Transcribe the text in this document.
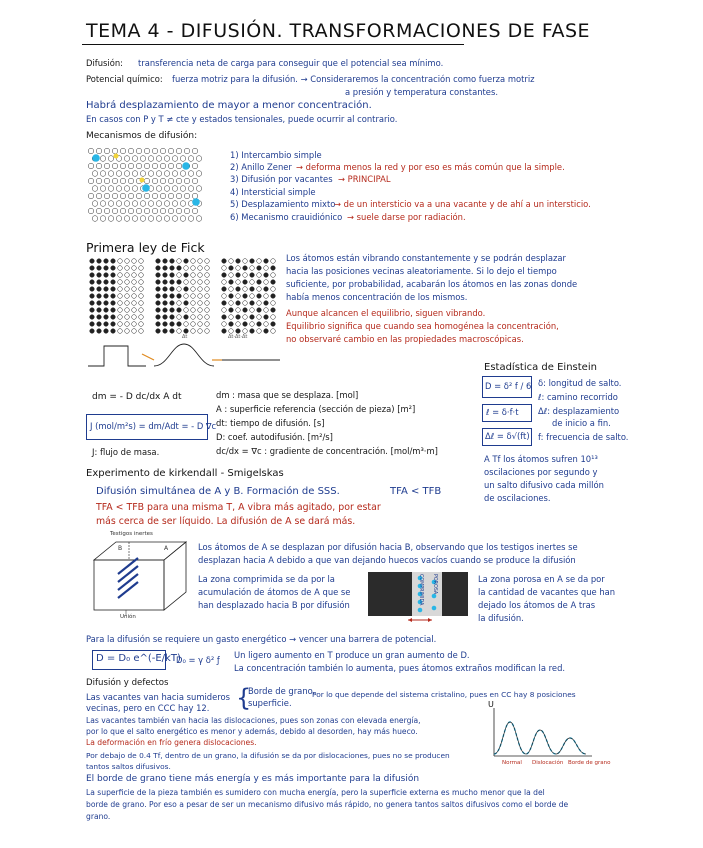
TEMA 4 - DIFUSIÓN. TRANSFORMACIONES DE FASE
Difusión: transferencia neta de carga para conseguir que el potencial sea mínimo.
Potencial químico: fuerza motriz para la difusión. → Consideraremos la concentración como fuerza motriz
a presión y temperatura constantes.
Habrá desplazamiento de mayor a menor concentración.
En casos con P y T ≠ cte y estados tensionales, puede ocurrir al contrario.
Mecanismos de difusión:
1) Intercambio simple
2) Anillo Zener → deforma menos la red y por eso es más común que la simple.
3) Difusión por vacantes → PRINCIPAL
4) Intersticial simple
5) Desplazamiento mixto
→ de un intersticio va a una vacante y de ahí a un intersticio.
6) Mecanismo crauidiónico → suele darse por radiación.
Primera ley de Fick
Δt	Δt·Δt·Δt
Los átomos están vibrando constantemente y se podrán desplazar
hacia las posiciones vecinas aleatoriamente. Si lo dejo el tiempo
suficiente, por probabilidad, acabarán los átomos en las zonas donde
había menos concentración de los mismos.
Aunque alcancen el equilibrio, siguen vibrando.
Equilibrio significa que cuando sea homogénea la concentración,
no observaré cambio en las propiedades macroscópicas.
dm = - D dc/dx A dt
J (mol/m²s) = dm/Adt = - D ∇c
J: flujo de masa.
dm : masa que se desplaza. [mol]
A : superficie referencia (sección de pieza) [m²]
dt: tiempo de difusión. [s]
D: coef. autodifusión. [m²/s]
dc/dx = ∇c : gradiente de concentración. [mol/m³·m]
Estadística de Einstein
D = δ² f / 6
ℓ = δ·f·t
Δℓ = δ√(ft)
δ: longitud de salto.
ℓ: camino recorrido
Δℓ: desplazamiento
de inicio a fin.
f: frecuencia de salto.
A Tf los átomos sufren 10¹³
oscilaciones por segundo y
un salto difusivo cada millón
de oscilaciones.
Experimento de kirkendall - Smigelskas
Difusión simultánea de A y B. Formación de SSS.	TFA < TFB
TFA < TFB para una misma T, A vibra más agitado, por estar
más cerca de ser líquido. La difusión de A se dará más.
Testigos inertes
B	A
Unión
Los átomos de A se desplazan por difusión hacia B, observando que los testigos inertes se
desplazan hacia A debido a que van dejando huecos vacíos cuando se produce la difusión
La zona comprimida se da por la
acumulación de átomos de A que se
han desplazado hacia B por difusión	COMPRIMIDA POROSA	La zona porosa en A se da por
la cantidad de vacantes que han
dejado los átomos de A tras
la difusión.
Para la difusión se requiere un gasto energético → vencer una barrera de potencial.
D = D₀ e^(-E/kT)
D₀ = γ δ² ƒ Un ligero aumento en T produce un gran aumento de D.
La concentración también lo aumenta, pues átomos extraños modifican la red.
Difusión y defectos
Las vacantes van hacia sumideros {
Borde de grano.
superficie.
Por lo que depende del sistema cristalino, pues en CC hay 8 posiciones
vecinas, pero en CCC hay 12.
Las vacantes también van hacia las dislocaciones, pues son zonas con elevada energía,
por lo que el salto energético es menor y además, debido al desorden, hay más hueco.
La deformación en frío genera dislocaciones.
Por debajo de 0.4 Tf, dentro de un grano, la difusión se da por dislocaciones, pues no se producen
tantos saltos difusivos.
El borde de grano tiene más energía y es más importante para la difusión
La superficie de la pieza también es sumidero con mucha energía, pero la superficie externa es mucho menor que la del
borde de grano. Por eso a pesar de ser un mecanismo difusivo más rápido, no genera tantos saltos difusivos como el borde de
grano.
U
Normal Dislocación Borde de grano
